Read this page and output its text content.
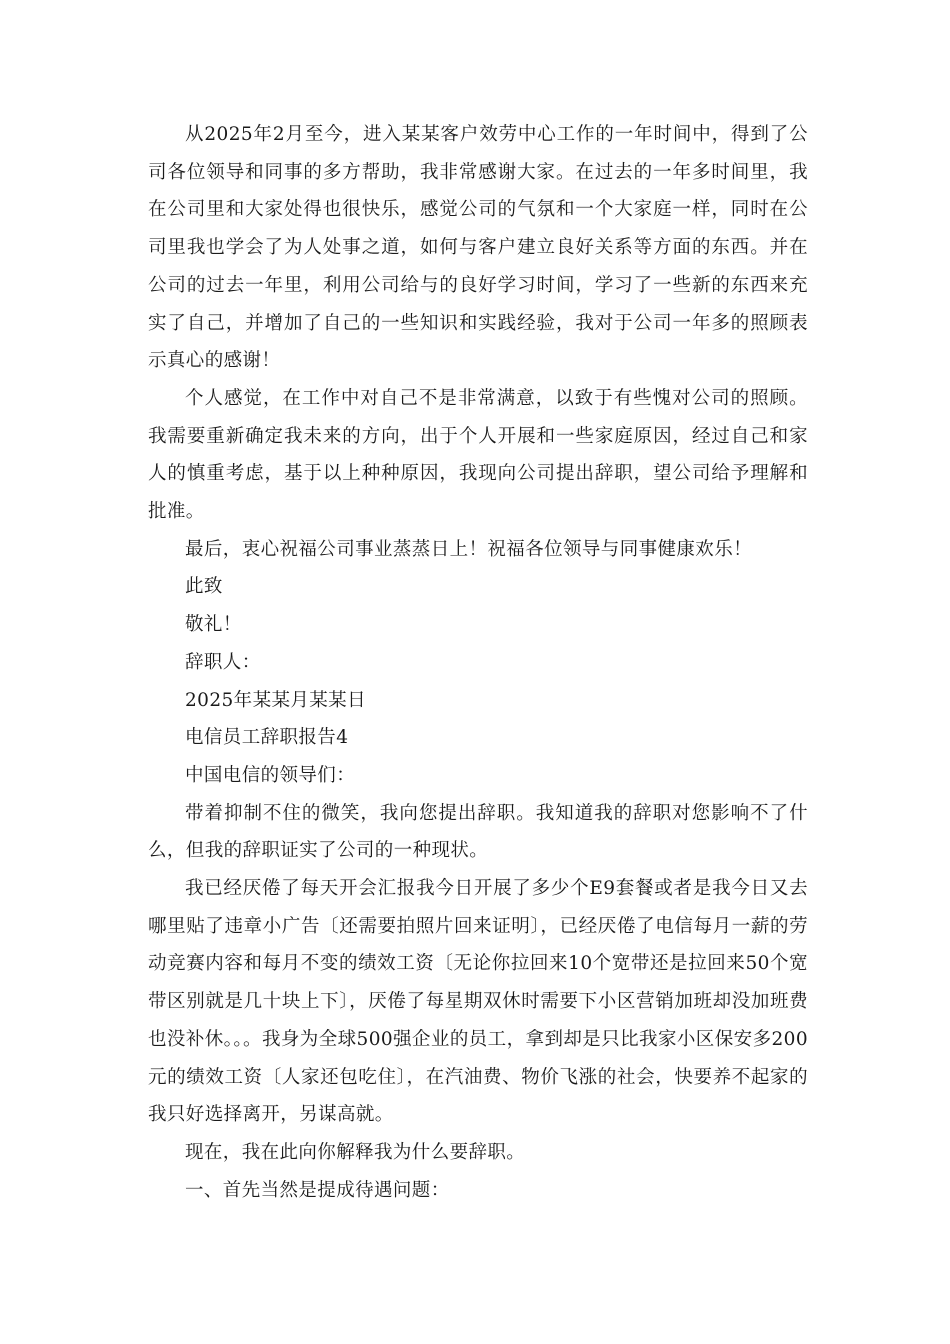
从2025年2月至今，进入某某客户效劳中心工作的一年时间中，得到了公司各位领导和同事的多方帮助，我非常感谢大家。在过去的一年多时间里，我在公司里和大家处得也很快乐，感觉公司的气氛和一个大家庭一样，同时在公司里我也学会了为人处事之道，如何与客户建立良好关系等方面的东西。并在公司的过去一年里，利用公司给与的良好学习时间，学习了一些新的东西来充实了自己，并增加了自己的一些知识和实践经验，我对于公司一年多的照顾表示真心的感谢！

个人感觉，在工作中对自己不是非常满意，以致于有些愧对公司的照顾。我需要重新确定我未来的方向，出于个人开展和一些家庭原因，经过自己和家人的慎重考虑，基于以上种种原因，我现向公司提出辞职，望公司给予理解和批准。

最后，衷心祝福公司事业蒸蒸日上！祝福各位领导与同事健康欢乐！

此致

敬礼！

辞职人：

2025年某某月某某日

电信员工辞职报告4

中国电信的领导们：

带着抑制不住的微笑，我向您提出辞职。我知道我的辞职对您影响不了什么，但我的辞职证实了公司的一种现状。

我已经厌倦了每天开会汇报我今日开展了多少个E9套餐或者是我今日又去哪里贴了违章小广告〔还需要拍照片回来证明〕，已经厌倦了电信每月一薪的劳动竞赛内容和每月不变的绩效工资〔无论你拉回来10个宽带还是拉回来50个宽带区别就是几十块上下〕，厌倦了每星期双休时需要下小区营销加班却没加班费也没补休。。。我身为全球500强企业的员工，拿到却是只比我家小区保安多200元的绩效工资〔人家还包吃住〕，在汽油费、物价飞涨的社会，快要养不起家的我只好选择离开，另谋高就。

现在，我在此向你解释我为什么要辞职。

一、首先当然是提成待遇问题：
